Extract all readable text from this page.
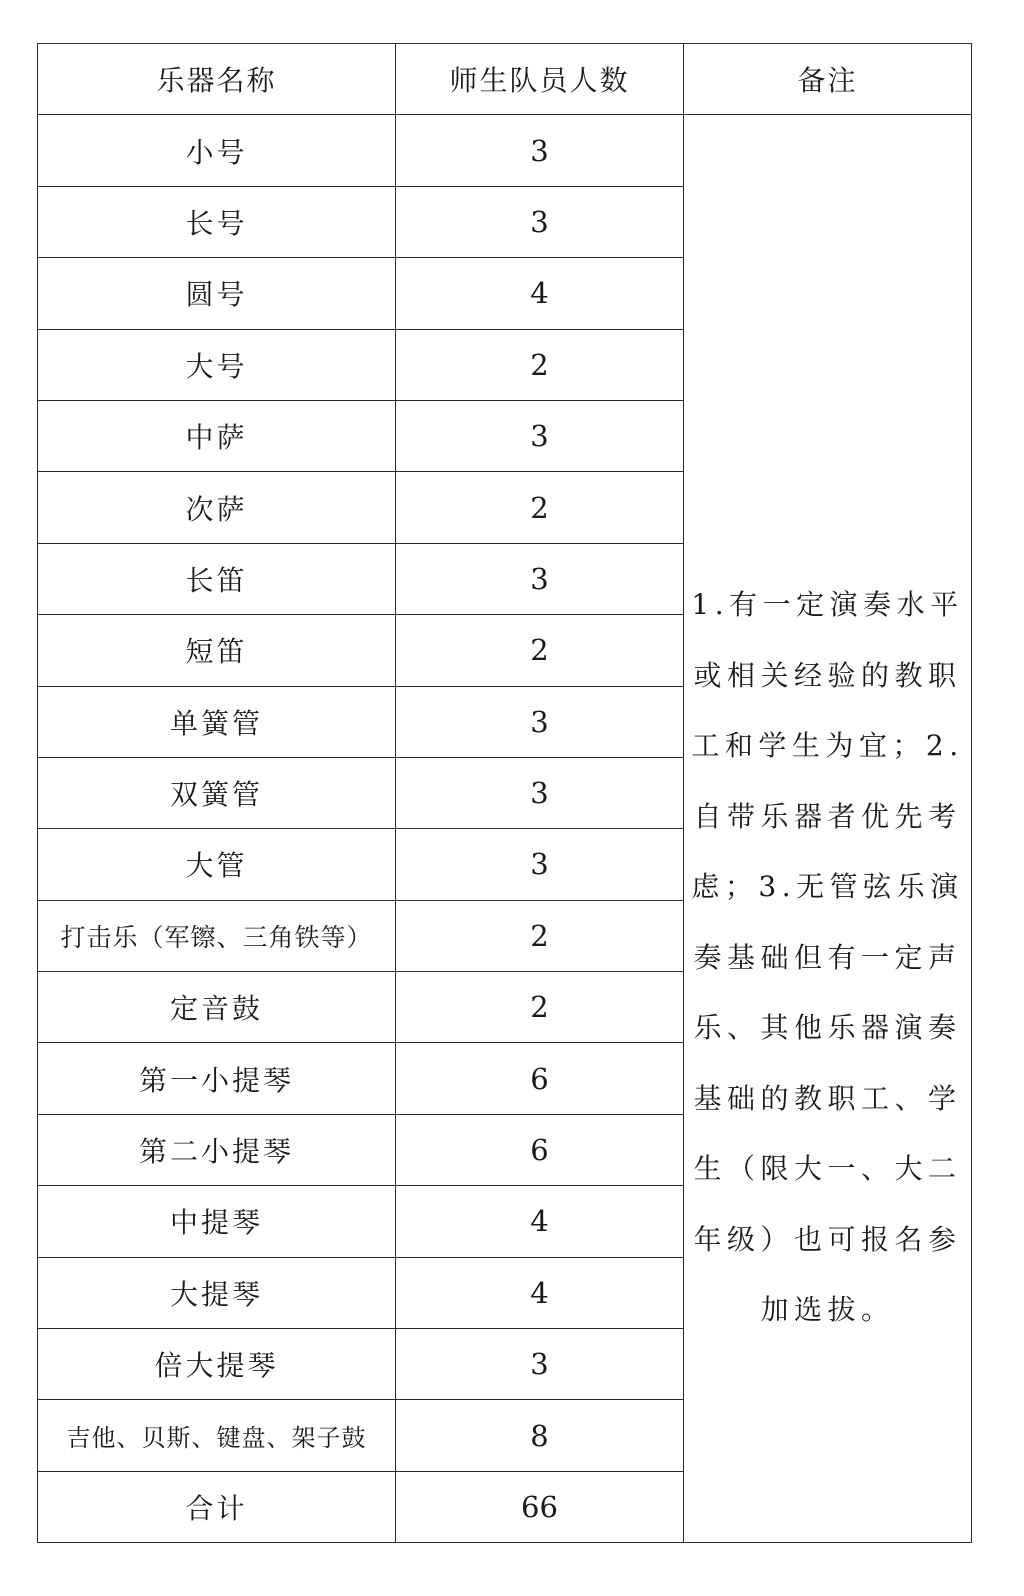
乐器名称	师生队员人数	备注
小号	3	1.有一定演奏水平或相关经验的教职工和学生为宜；2.自带乐器者优先考虑；3.无管弦乐演奏基础但有一定声乐、其他乐器演奏基础的教职工、学生（限大一、大二年级）也可报名参加选拔。

长号	3	
圆号	4	
大号	2	
中萨	3	
次萨	2	
长笛	3	
短笛	2	
单簧管	3	
双簧管	3	
大管	3	
打击乐（军镲、三角铁等）	2	
定音鼓	2	
第一小提琴	6	
第二小提琴	6	
中提琴	4	
大提琴	4	
倍大提琴	3	
吉他、贝斯、键盘、架子鼓	8	
合计	66	
